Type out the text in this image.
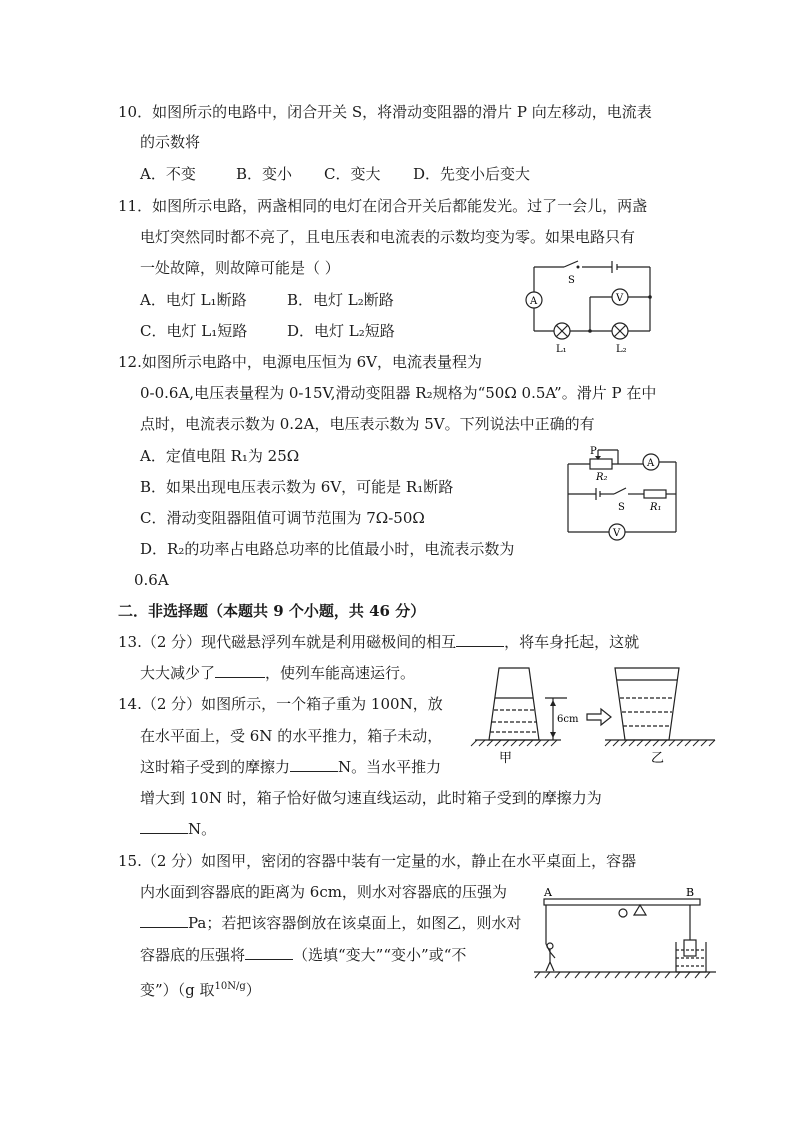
10．如图所示的电路中，闭合开关 S，将滑动变阻器的滑片 P 向左移动，电流表
的示数将
A．不变	B．变小 C．变大 D．先变小后变大
11．如图所示电路，两盏相同的电灯在闭合开关后都能发光。过了一会儿，两盏
电灯突然同时都不亮了，且电压表和电流表的示数均变为零。如果电路只有
一处故障，则故障可能是（ ）
A．电灯 L₁断路	B．电灯 L₂断路
C．电灯 L₁短路	D．电灯 L₂短路
S
A	V
L₁	L₂
12.如图所示电路中，电源电压恒为 6V，电流表量程为
0-0.6A,电压表量程为 0-15V,滑动变阻器 R₂规格为“50Ω 0.5A”。滑片 P 在中
点时，电流表示数为 0.2A，电压表示数为 5V。下列说法中正确的有
A．定值电阻 R₁为 25Ω
B．如果出现电压表示数为 6V，可能是 R₁断路
C．滑动变阻器阻值可调节范围为 7Ω-50Ω
D．R₂的功率占电路总功率的比值最小时，电流表示数为
0.6A
P
R₂
A
S	R₁
V
二．非选择题（本题共 9 个小题，共 46 分）
13.（2 分）现代磁悬浮列车就是利用磁极间的相互	，将车身托起，这就
大大减少了	，使列车能高速运行。
14.（2 分）如图所示，一个箱子重为 100N，放
在水平面上，受 6N 的水平推力，箱子未动，
这时箱子受到的摩擦力	N。当水平推力
增大到 10N 时，箱子恰好做匀速直线运动，此时箱子受到的摩擦力为
N。
6cm
甲	乙
15.（2 分）如图甲，密闭的容器中装有一定量的水，静止在水平桌面上，容器
内水面到容器底的距离为 6cm，则水对容器底的压强为
Pa；若把该容器倒放在该桌面上，如图乙，则水对
容器底的压强将	（选填“变大”“变小”或“不
变”）（g 取$^{10N/g}$）
A	B
O
